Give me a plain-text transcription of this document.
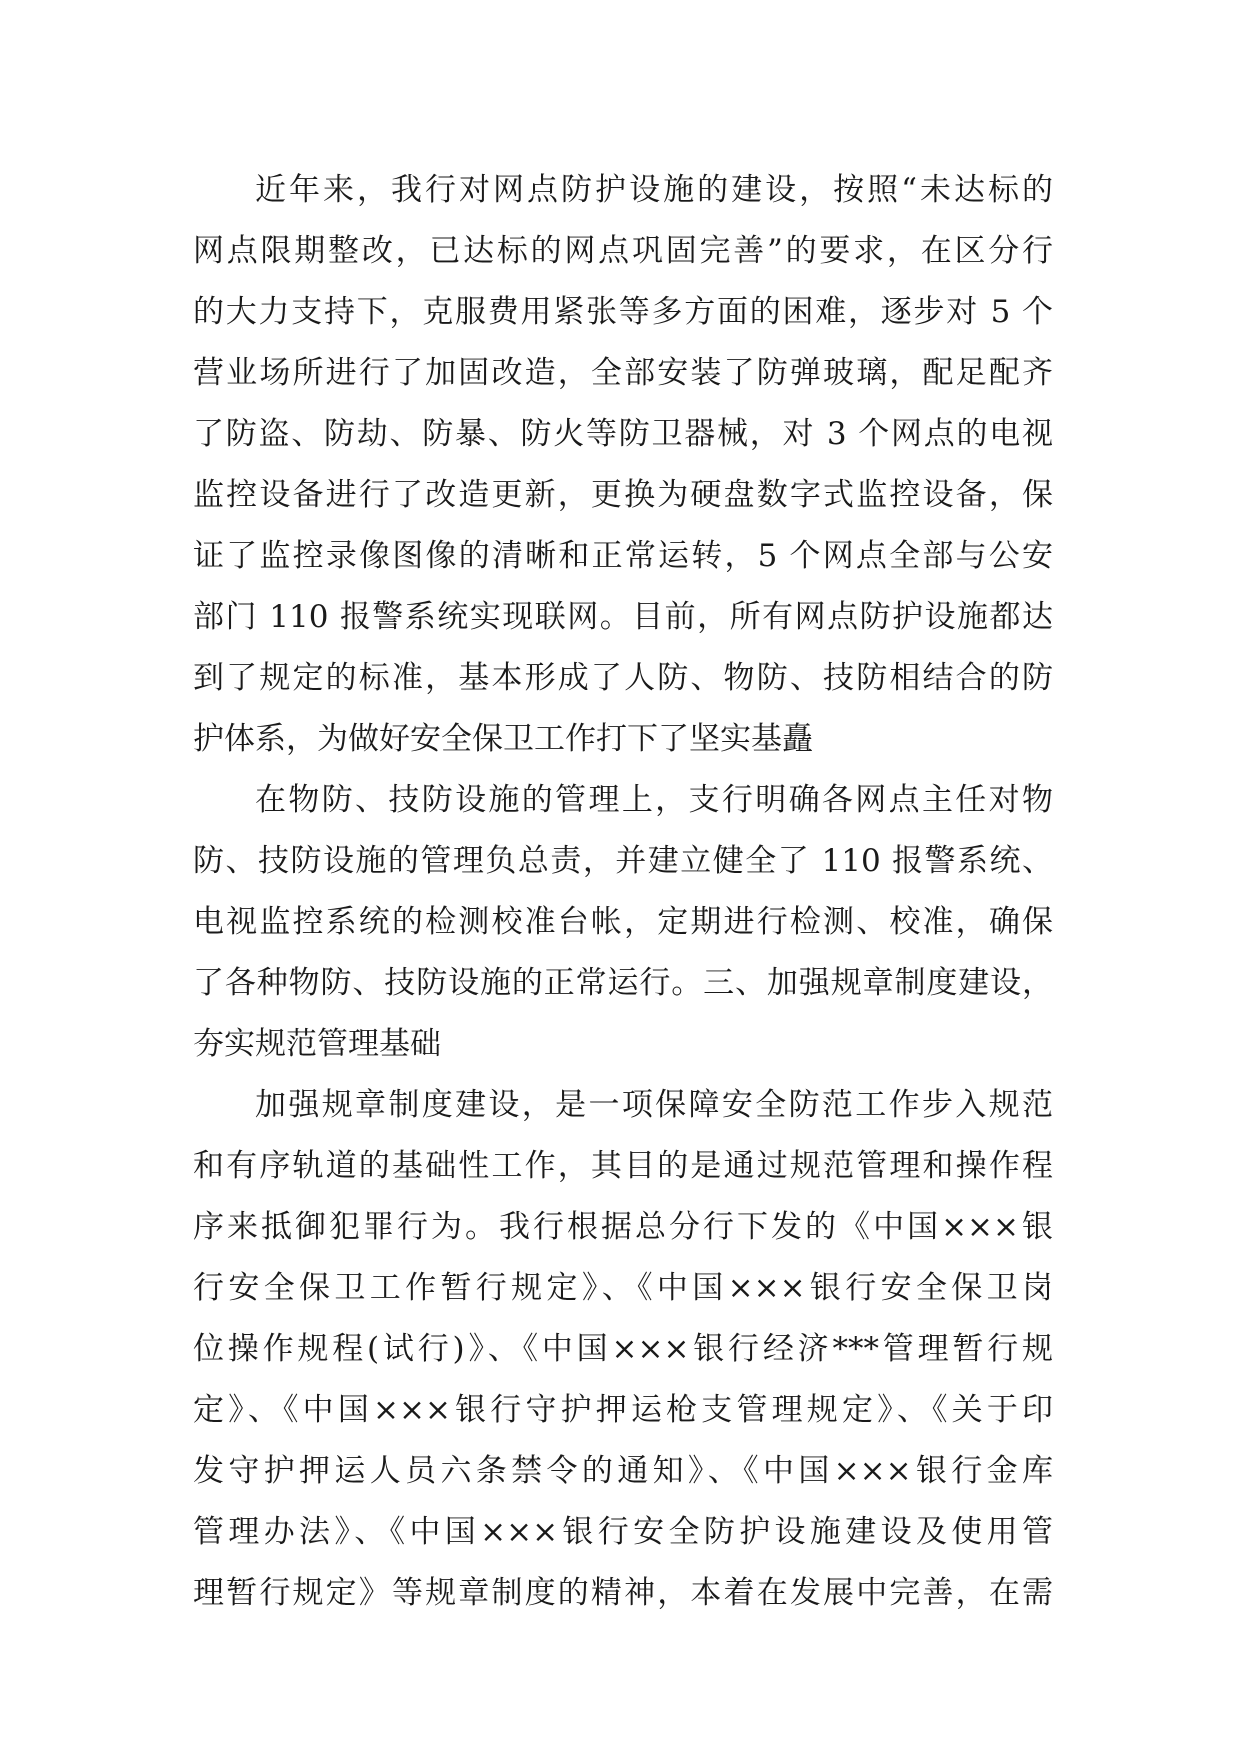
近年来，我行对网点防护设施的建设，按照“未达标的
网点限期整改，已达标的网点巩固完善”的要求，在区分行
的大力支持下，克服费用紧张等多方面的困难，逐步对 5 个
营业场所进行了加固改造，全部安装了防弹玻璃，配足配齐
了防盗、防劫、防暴、防火等防卫器械，对 3 个网点的电视
监控设备进行了改造更新，更换为硬盘数字式监控设备，保
证了监控录像图像的清晰和正常运转，5 个网点全部与公安
部门 110 报警系统实现联网。目前，所有网点防护设施都达
到了规定的标准，基本形成了人防、物防、技防相结合的防
护体系，为做好安全保卫工作打下了坚实基矗
在物防、技防设施的管理上，支行明确各网点主任对物
防、技防设施的管理负总责，并建立健全了 110 报警系统、
电视监控系统的检测校准台帐，定期进行检测、校准，确保
了各种物防、技防设施的正常运行。三、加强规章制度建设，
夯实规范管理基础
加强规章制度建设，是一项保障安全防范工作步入规范
和有序轨道的基础性工作，其目的是通过规范管理和操作程
序来抵御犯罪行为。我行根据总分行下发的《中国×××银
行安全保卫工作暂行规定》、《中国×××银行安全保卫岗
位操作规程(试行)》、《中国×××银行经济***管理暂行规
定》、《中国×××银行守护押运枪支管理规定》、《关于印
发守护押运人员六条禁令的通知》、《中国×××银行金库
管理办法》、《中国×××银行安全防护设施建设及使用管
理暂行规定》等规章制度的精神，本着在发展中完善，在需
